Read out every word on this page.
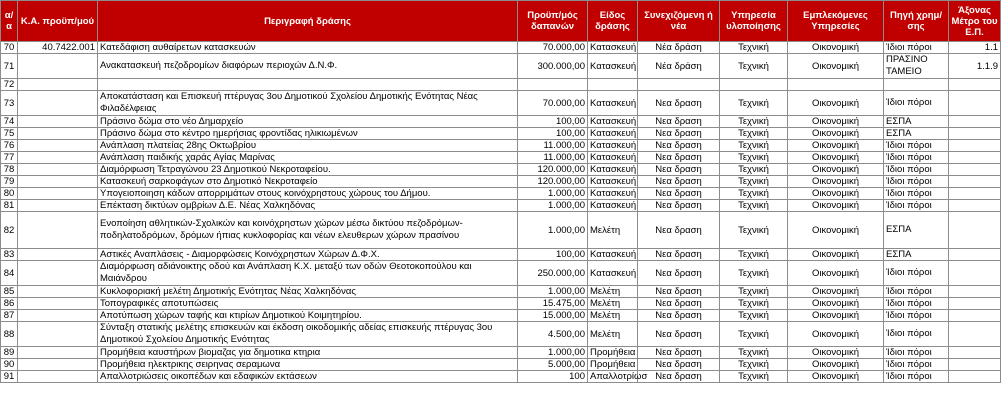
α/α	Κ.Α. προϋπ/μού	Περιγραφή δράσης	Προϋπ/μός δαπανών	Είδος δράσης	Συνεχιζόμενη ή νέα	Υπηρεσία υλοποίησης	Εμπλεκόμενες Υπηρεσίες	Πηγή χρημ/σης	Άξονας Μέτρο του Ε.Π.
70	40.7422.001	Κατεδάφιση αυθαίρετων κατασκευών	70.000,00	Κατασκευή	Νέα δράση	Τεχνική	Οικονομική	Ίδιοι πόροι	1.1
71		Ανακατασκευή πεζοδρομίων διαφόρων περιοχών Δ.Ν.Φ.	300.000,00	Κατασκευή	Νέα δράση	Τεχνική	Οικονομική	ΠΡΑΣΙΝΟ ΤΑΜΕΙΟ	1.1.9
72									
73		Αποκατάσταση και Επισκευή πτέρυγας 3ου Δημοτικού Σχολείου Δημοτικής Ενότητας Νέας Φιλαδέλφειας	70.000,00	Κατασκευή	Νεα δραση	Τεχνική	Οικονομική	Ίδιοι πόροι	
74		Πράσινο δώμα στο νέο Δημαρχείο	100,00	Κατασκευή	Νεα δραση	Τεχνική	Οικονομική	ΕΣΠΑ	
75		Πράσινο δώμα στο κέντρο ημερήσιας φροντίδας ηλικιωμένων	100,00	Κατασκευή	Νεα δραση	Τεχνική	Οικονομική	ΕΣΠΑ	
76		Ανάπλαση πλατείας 28ης Οκτωβρίου	11.000,00	Κατασκευή	Νεα δραση	Τεχνική	Οικονομική	Ίδιοι πόροι	
77		Ανάπλαση παιδικής χαράς Αγίας Μαρίνας	11.000,00	Κατασκευή	Νεα δραση	Τεχνική	Οικονομική	Ίδιοι πόροι	
78		Διαμόρφωση Τετραγώνου 23 Δημοτικού Νεκροταφείου.	120.000,00	Κατασκευή	Νεα δραση	Τεχνική	Οικονομική	Ίδιοι πόροι	
79		Κατασκευή σαρκοφάγων στο Δημοτικό Νεκροταφείο	120.000,00	Κατασκευή	Νεα δραση	Τεχνική	Οικονομική	Ίδιοι πόροι	
80		Υπογειοποιηση κάδων απορριμάτων στους κοινόχρηστους χώρους του Δήμου.	1.000,00	Κατασκευή	Νεα δραση	Τεχνική	Οικονομική	Ίδιοι πόροι	
81		Επέκταση δικτύων ομβρίων Δ.Ε. Νέας Χαλκηδόνας	1.000,00	Κατασκευή	Νεα δραση	Τεχνική	Οικονομική	Ίδιοι πόροι	
82		Ενοποίηση αθλητικών-Σχολικών και κοινόχρηστων χώρων μέσω δικτύου πεζοδρόμων-ποδηλατοδρόμων, δρόμων ήπιας κυκλοφορίας και νέων ελευθερων χώρων πρασίνου	1.000,00	Μελέτη	Νεα δραση	Τεχνική	Οικονομική	ΕΣΠΑ	
83		Αστικές Αναπλάσεις - Διαμορφώσεις Κοινόχρηστων Χώρων Δ.Φ.Χ.	100,00	Κατασκευή	Νεα δραση	Τεχνική	Οικονομική	ΕΣΠΑ	
84		Διαμόρφωση αδιάνοικτης οδού και Ανάπλαση Κ.Χ. μεταξύ των οδών Θεοτοκοπούλου και Μαιάνδρου	250.000,00	Κατασκευή	Νεα δραση	Τεχνική	Οικονομική	Ίδιοι πόροι	
85		Κυκλοφοριακή μελέτη Δημοτικής Ενότητας Νέας Χαλκηδόνας	1.000,00	Μελέτη	Νεα δραση	Τεχνική	Οικονομική	Ίδιοι πόροι	
86		Τοπογραφικές αποτυπώσεις	15.475,00	Μελέτη	Νεα δραση	Τεχνική	Οικονομική	Ίδιοι πόροι	
87		Αποτύπωση χώρων ταφής και κτιρίων Δημοτικού Κοιμητηρίου.	15.000,00	Μελέτη	Νεα δραση	Τεχνική	Οικονομική	Ίδιοι πόροι	
88		Σύνταξη στατικής μελέτης επισκευών και έκδοση οικοδομικής αδείας επισκευής πτέρυγας 3ου Δημοτικού Σχολείου Δημοτικής Ενότητας	4.500,00	Μελέτη	Νεα δραση	Τεχνική	Οικονομική	Ίδιοι πόροι	
89		Προμήθεια καυστήρων βιομαζας για δημοτικα κτηρια	1.000,00	Προμήθεια	Νεα δραση	Τεχνική	Οικονομική	Ίδιοι πόροι	
90		Προμήθεια ηλεκτρικης σειρηνας σεραμωνα	5.000,00	Προμήθεια	Νεα δραση	Τεχνική	Οικονομική	Ίδιοι πόροι	
91		Απαλλοτριώσεις οικοπέδων και εδαφικών εκτάσεων	100	Απαλλοτρίωσ	Νεα δραση	Τεχνική	Οικονομική	Ίδιοι πόροι	
